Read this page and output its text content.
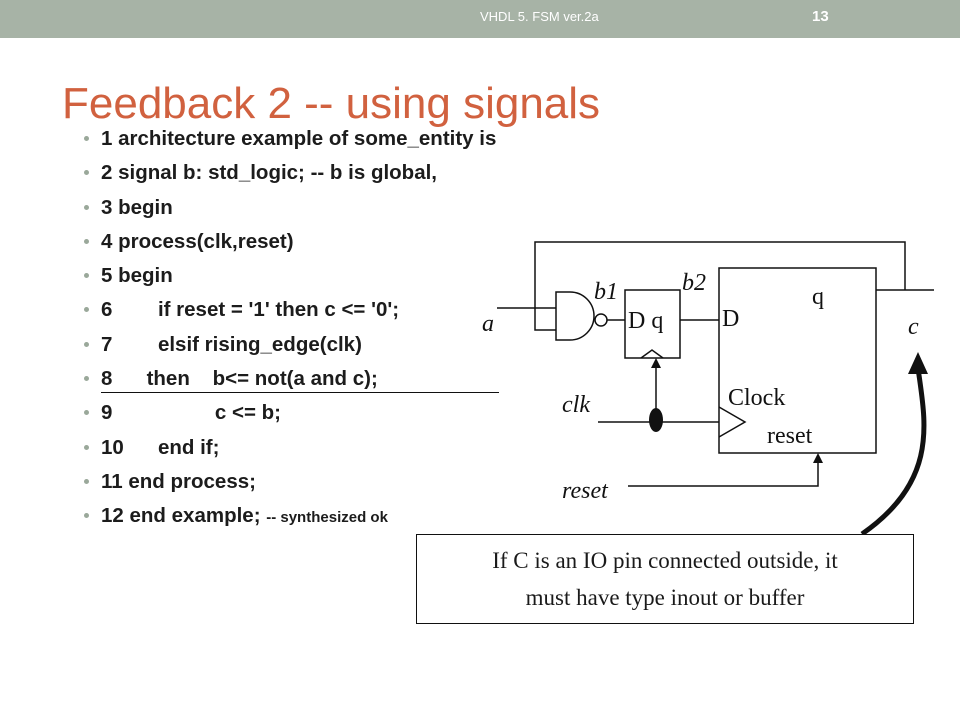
VHDL 5. FSM ver.2a	13
1 architecture example of some_entity is
2 signal b: std_logic; -- b is global,
3 begin
4 process(clk,reset)
5 begin
6        if reset = '1' then c <= '0';
7        elsif rising_edge(clk)
8      then    b<= not(a and c);
9                  c <= b;
10      end if;
11 end process;
12 end example; -- synthesized ok
Feedback 2 -- using signals
b1	b2
a	D q D
q
c
clk	Clock
reset
reset
If C is an IO pin connected outside, it
must have type inout or buffer
